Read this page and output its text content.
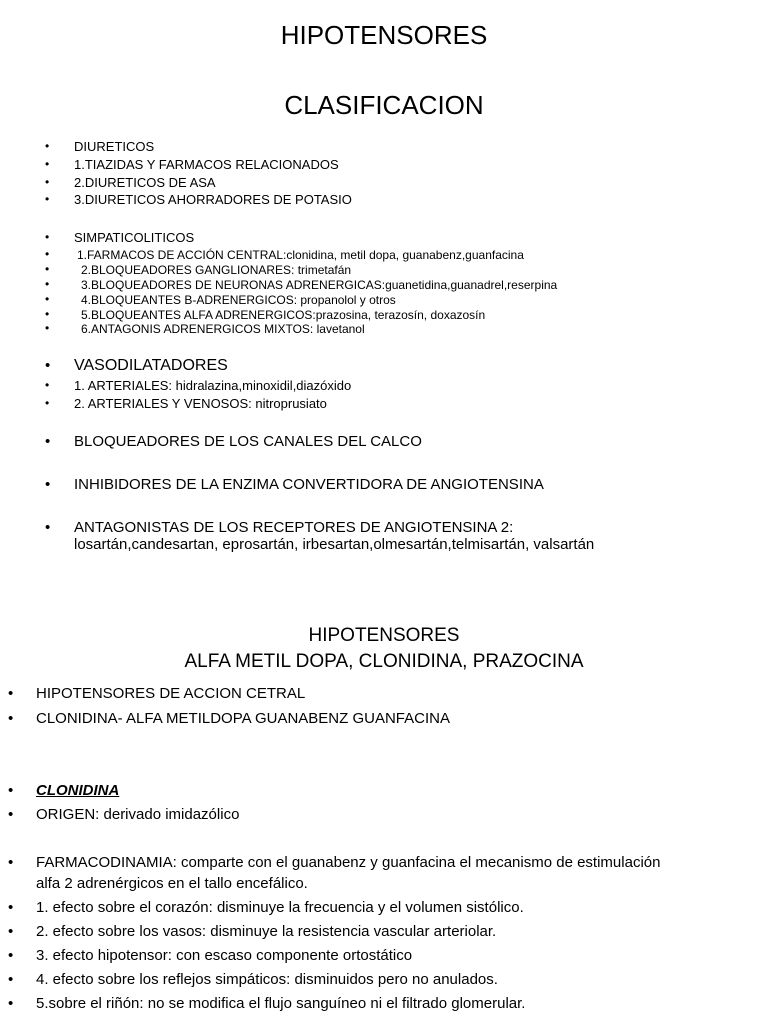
HIPOTENSORES
CLASIFICACION
• DIURETICOS
• 1.TIAZIDAS Y FARMACOS RELACIONADOS
• 2.DIURETICOS DE ASA
• 3.DIURETICOS AHORRADORES DE POTASIO
• SIMPATICOLITICOS
• 1.FARMACOS DE ACCIÓN CENTRAL:clonidina, metil dopa, guanabenz,guanfacina
•	2.BLOQUEADORES GANGLIONARES: trimetafán
•	3.BLOQUEADORES DE NEURONAS ADRENERGICAS:guanetidina,guanadrel,reserpina
•	4.BLOQUEANTES B-ADRENERGICOS: propanolol y otros
•	5.BLOQUEANTES ALFA ADRENERGICOS:prazosina, terazosín, doxazosín
•	6.ANTAGONIS ADRENERGICOS MIXTOS: lavetanol
• VASODILATADORES
• 1. ARTERIALES: hidralazina,minoxidil,diazóxido
• 2. ARTERIALES Y VENOSOS: nitroprusiato
• BLOQUEADORES DE LOS CANALES DEL CALCO
• INHIBIDORES DE LA ENZIMA CONVERTIDORA DE ANGIOTENSINA
• ANTAGONISTAS DE LOS RECEPTORES DE ANGIOTENSINA 2:
losartán,candesartan, eprosartán, irbesartan,olmesartán,telmisartán, valsartán
HIPOTENSORES
ALFA METIL DOPA, CLONIDINA, PRAZOCINA
• HIPOTENSORES DE ACCION CETRAL
• CLONIDINA- ALFA METILDOPA GUANABENZ GUANFACINA
• CLONIDINA
• ORIGEN: derivado imidazólico
• FARMACODINAMIA: comparte con el guanabenz y guanfacina el mecanismo de estimulación
alfa 2 adrenérgicos en el tallo encefálico.
• 1. efecto sobre el corazón: disminuye la frecuencia y el volumen sistólico.
• 2. efecto sobre los vasos: disminuye la resistencia vascular arteriolar.
• 3. efecto hipotensor: con escaso componente ortostático
• 4. efecto sobre los reflejos simpáticos: disminuidos pero no anulados.
• 5.sobre el riñón: no se modifica el flujo sanguíneo ni el filtrado glomerular.
